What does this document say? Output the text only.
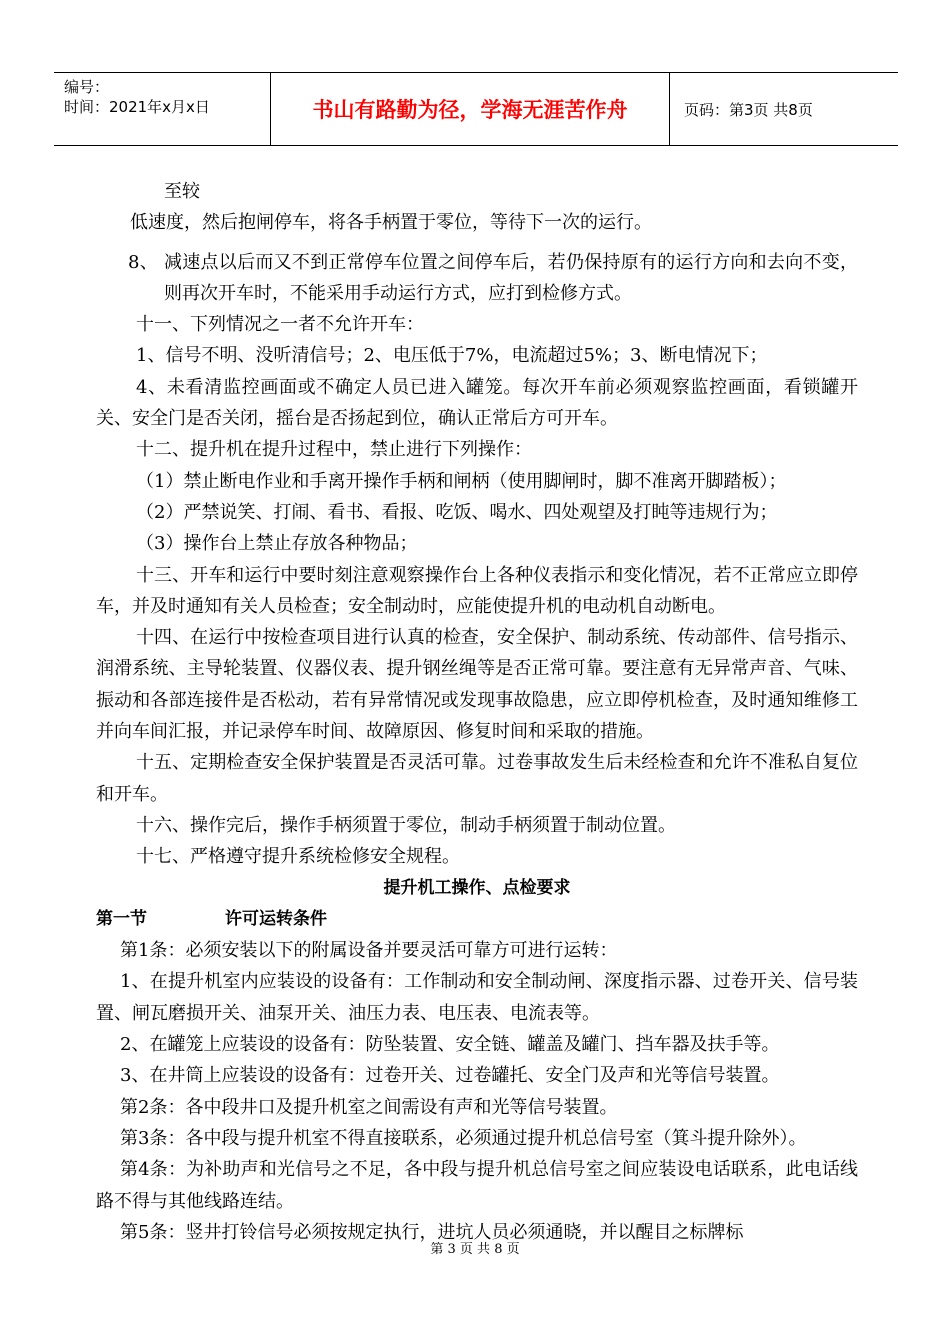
编号：
时间：2021年x月x日	书山有路勤为径，学海无涯苦作舟	页码：第3页 共8页

至较

低速度，然后抱闸停车，将各手柄置于零位，等待下一次的运行。

8、 减速点以后而又不到正常停车位置之间停车后，若仍保持原有的运行方向和去向不变，则再次开车时，不能采用手动运行方式，应打到检修方式。

十一、下列情况之一者不允许开车：

1、信号不明、没听清信号；2、电压低于7%，电流超过5%；3、断电情况下；

4、未看清监控画面或不确定人员已进入罐笼。每次开车前必须观察监控画面，看锁罐开关、安全门是否关闭，摇台是否扬起到位，确认正常后方可开车。

十二、提升机在提升过程中，禁止进行下列操作：

（1）禁止断电作业和手离开操作手柄和闸柄（使用脚闸时，脚不准离开脚踏板）；

（2）严禁说笑、打闹、看书、看报、吃饭、喝水、四处观望及打盹等违规行为；

（3）操作台上禁止存放各种物品；

十三、开车和运行中要时刻注意观察操作台上各种仪表指示和变化情况，若不正常应立即停车，并及时通知有关人员检查；安全制动时，应能使提升机的电动机自动断电。

十四、在运行中按检查项目进行认真的检查，安全保护、制动系统、传动部件、信号指示、润滑系统、主导轮装置、仪器仪表、提升钢丝绳等是否正常可靠。要注意有无异常声音、气味、振动和各部连接件是否松动，若有异常情况或发现事故隐患，应立即停机检查，及时通知维修工并向车间汇报，并记录停车时间、故障原因、修复时间和采取的措施。

十五、定期检查安全保护装置是否灵活可靠。过卷事故发生后未经检查和允许不准私自复位和开车。

十六、操作完后，操作手柄须置于零位，制动手柄须置于制动位置。

十七、严格遵守提升系统检修安全规程。

提升机工操作、点检要求

第一节	许可运转条件

第1条：必须安装以下的附属设备并要灵活可靠方可进行运转：

1、在提升机室内应装设的设备有：工作制动和安全制动闸、深度指示器、过卷开关、信号装置、闸瓦磨损开关、油泵开关、油压力表、电压表、电流表等。

2、在罐笼上应装设的设备有：防坠装置、安全链、罐盖及罐门、挡车器及扶手等。

3、在井筒上应装设的设备有：过卷开关、过卷罐托、安全门及声和光等信号装置。

第2条：各中段井口及提升机室之间需设有声和光等信号装置。

第3条：各中段与提升机室不得直接联系，必须通过提升机总信号室（箕斗提升除外）。

第4条：为补助声和光信号之不足，各中段与提升机总信号室之间应装设电话联系，此电话线路不得与其他线路连结。

第5条：竖井打铃信号必须按规定执行，进坑人员必须通晓，并以醒目之标牌标

第 3 页 共 8 页
